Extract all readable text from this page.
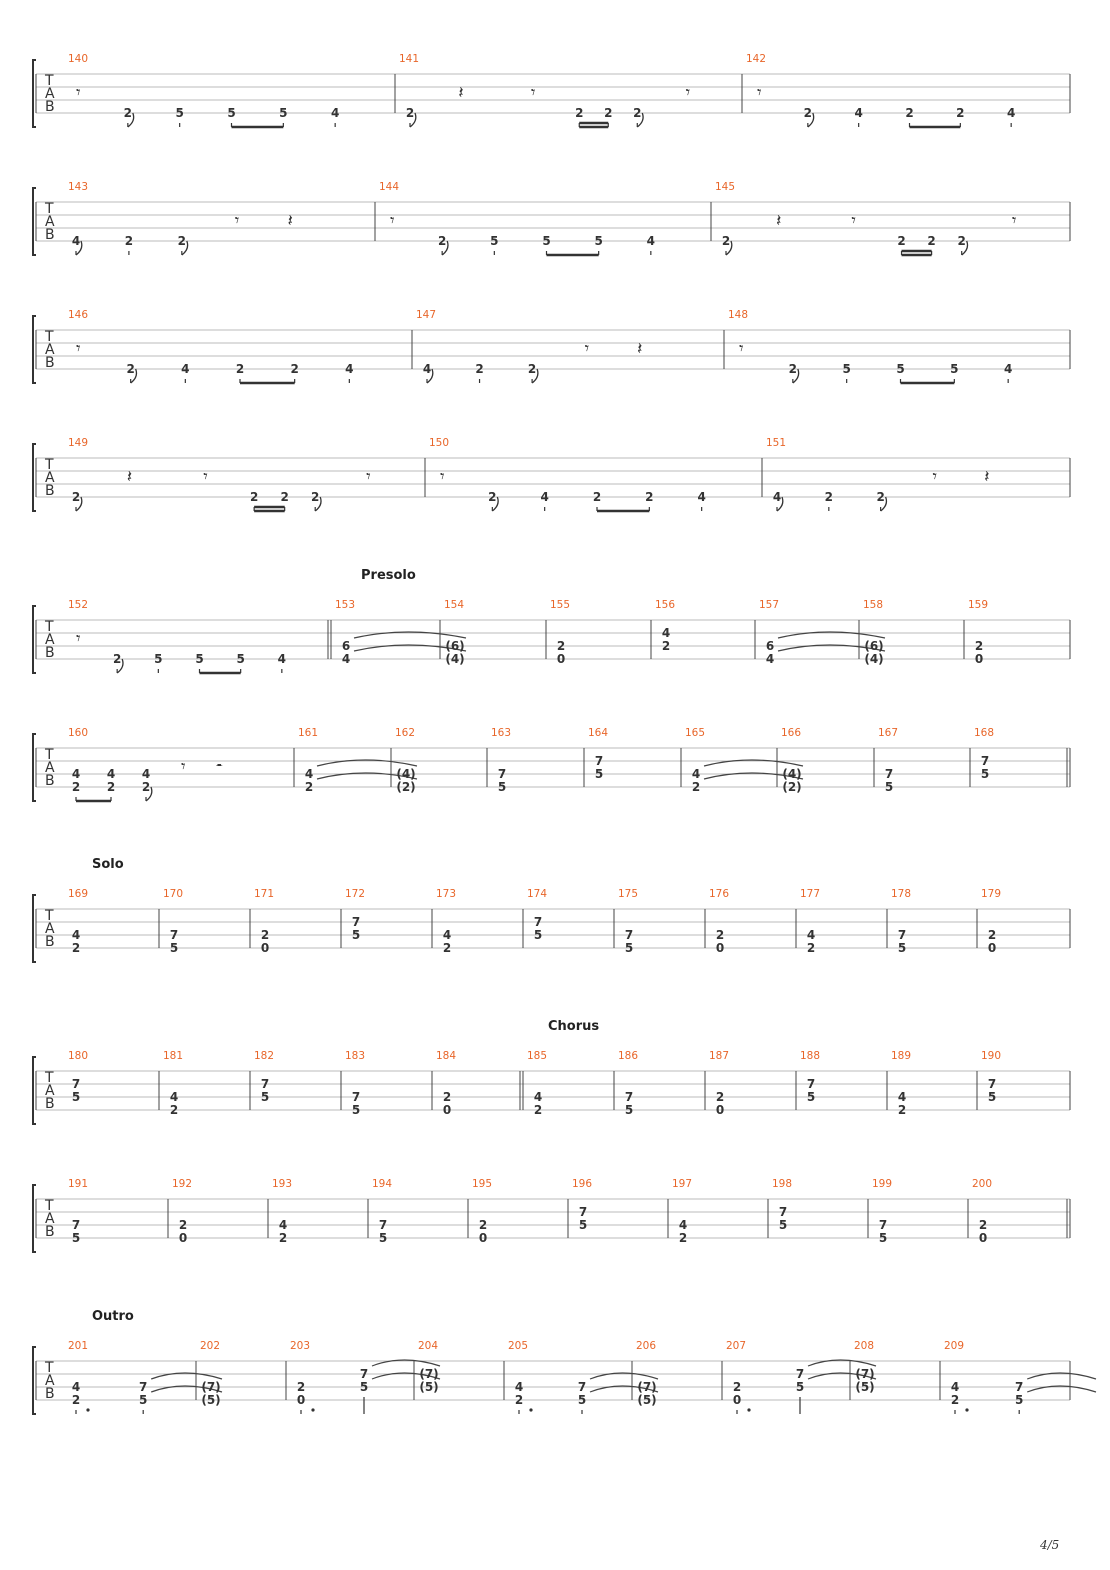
T
A
B
140
𝄾
2	5	5	5	4
141
2
𝄽	𝄾
2 2 2
𝄾
142
𝄾
2	4	2	2	4
T
A
B
143
4	2	2
𝄾	𝄽
144
𝄾
2	5	5	5	4
145
2
𝄽	𝄾
2 2 2
𝄾
T
A
B
146
𝄾
2	4	2	2	4
147
4	2	2
𝄾	𝄽
148
𝄾
2	5	5	5	4
T
A
B
149
2
𝄽	𝄾
2 2 2
𝄾
150
𝄾
2	4	2	2	4
151
4	2	2
𝄾	𝄽
T
A
B
Presolo
152
𝄾
2	5	5	5	4
153
6
4
154
(6)
(4)
155
2
0
156
4
2
157
6
4
158
(6)
(4)
159
2
0
T
A
B
160
4
2
4
2
4
2
𝄾 𝄼
161
4
2
162
(4)
(2)
163
7
5
164
7
5
165
4
2
166
(4)
(2)
167
7
5
168
7
5
T
A
B
Solo
169
4
2
170
7
5
171
2
0
172
7
5
173
4
2
174
7
5
175
7
5
176
2
0
177
4
2
178
7
5
179
2
0
T
A
B
180
7
5
181
4
2
182
7
5
183
7
5
184
2
0
185
Chorus
4
2
186
7
5
187
2
0
188
7
5
189
4
2
190
7
5
T
A
B
191
7
5
192
2
0
193
4
2
194
7
5
195
2
0
196
7
5
197
4
2
198
7
5
199
7
5
200
2
0
T
A
B
Outro
201
4
2
7
5
202
(7)
(5)
203
2
0
7
5
204
(7)
(5)
205
4
2
7
5
206
(7)
(5)
207
2
0
7
5
208
(7)
(5)
209
4
2
7
5
4/5
